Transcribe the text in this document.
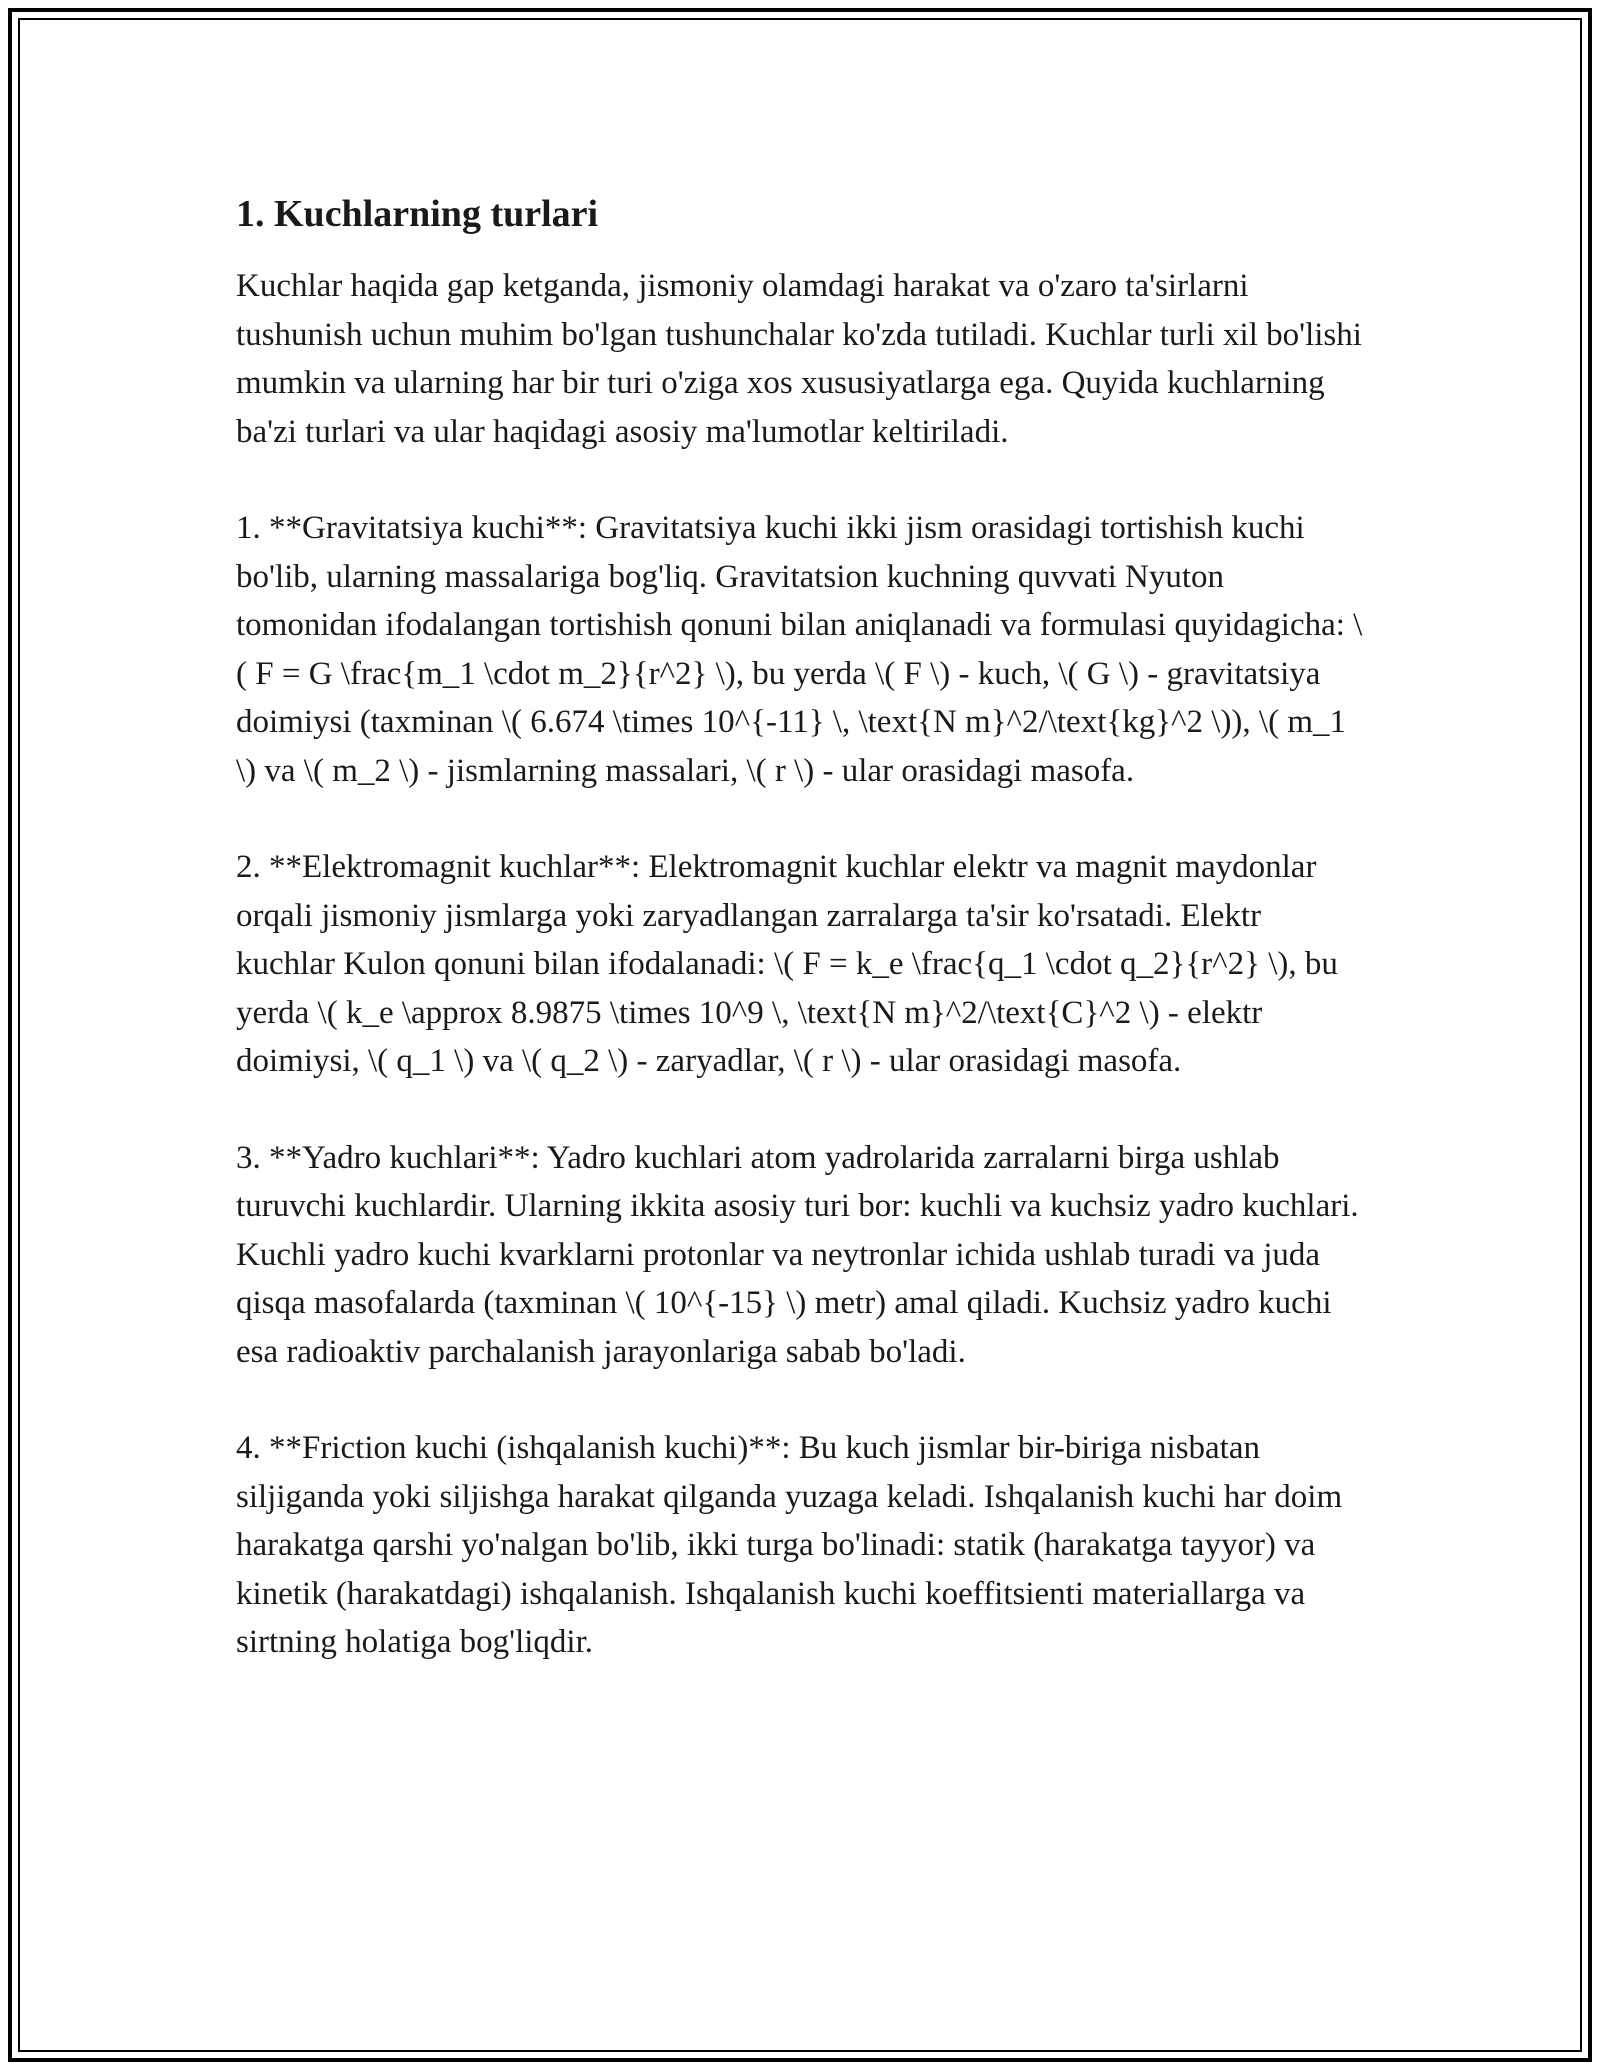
1. Kuchlarning turlari

Kuchlar haqida gap ketganda, jismoniy olamdagi harakat va o'zaro ta'sirlarni tushunish uchun muhim bo'lgan tushunchalar ko'zda tutiladi. Kuchlar turli xil bo'lishi mumkin va ularning har bir turi o'ziga xos xususiyatlarga ega. Quyida kuchlarning ba'zi turlari va ular haqidagi asosiy ma'lumotlar keltiriladi.

1. **Gravitatsiya kuchi**: Gravitatsiya kuchi ikki jism orasidagi tortishish kuchi bo'lib, ularning massalariga bog'liq. Gravitatsion kuchning quvvati Nyuton tomonidan ifodalangan tortishish qonuni bilan aniqlanadi va formulasi quyidagicha: \( F = G \frac{m_1 \cdot m_2}{r^2} \), bu yerda \( F \) - kuch, \( G \) - gravitatsiya doimiysi (taxminan \( 6.674 \times 10^{-11} \, \text{N m}^2/\text{kg}^2 \)), \( m_1 \) va \( m_2 \) - jismlarning massalari, \( r \) - ular orasidagi masofa.

2. **Elektromagnit kuchlar**: Elektromagnit kuchlar elektr va magnit maydonlar orqali jismoniy jismlarga yoki zaryadlangan zarralarga ta'sir ko'rsatadi. Elektr kuchlar Kulon qonuni bilan ifodalanadi: \( F = k_e \frac{q_1 \cdot q_2}{r^2} \), bu yerda \( k_e \approx 8.9875 \times 10^9 \, \text{N m}^2/\text{C}^2 \) - elektr doimiysi, \( q_1 \) va \( q_2 \) - zaryadlar, \( r \) - ular orasidagi masofa.

3. **Yadro kuchlari**: Yadro kuchlari atom yadrolarida zarralarni birga ushlab turuvchi kuchlardir. Ularning ikkita asosiy turi bor: kuchli va kuchsiz yadro kuchlari. Kuchli yadro kuchi kvarklarni protonlar va neytronlar ichida ushlab turadi va juda qisqa masofalarda (taxminan \( 10^{-15} \) metr) amal qiladi. Kuchsiz yadro kuchi esa radioaktiv parchalanish jarayonlariga sabab bo'ladi.

4. **Friction kuchi (ishqalanish kuchi)**: Bu kuch jismlar bir-biriga nisbatan siljiganda yoki siljishga harakat qilganda yuzaga keladi. Ishqalanish kuchi har doim harakatga qarshi yo'nalgan bo'lib, ikki turga bo'linadi: statik (harakatga tayyor) va kinetik (harakatdagi) ishqalanish. Ishqalanish kuchi koeffitsienti materiallarga va sirtning holatiga bog'liqdir.
